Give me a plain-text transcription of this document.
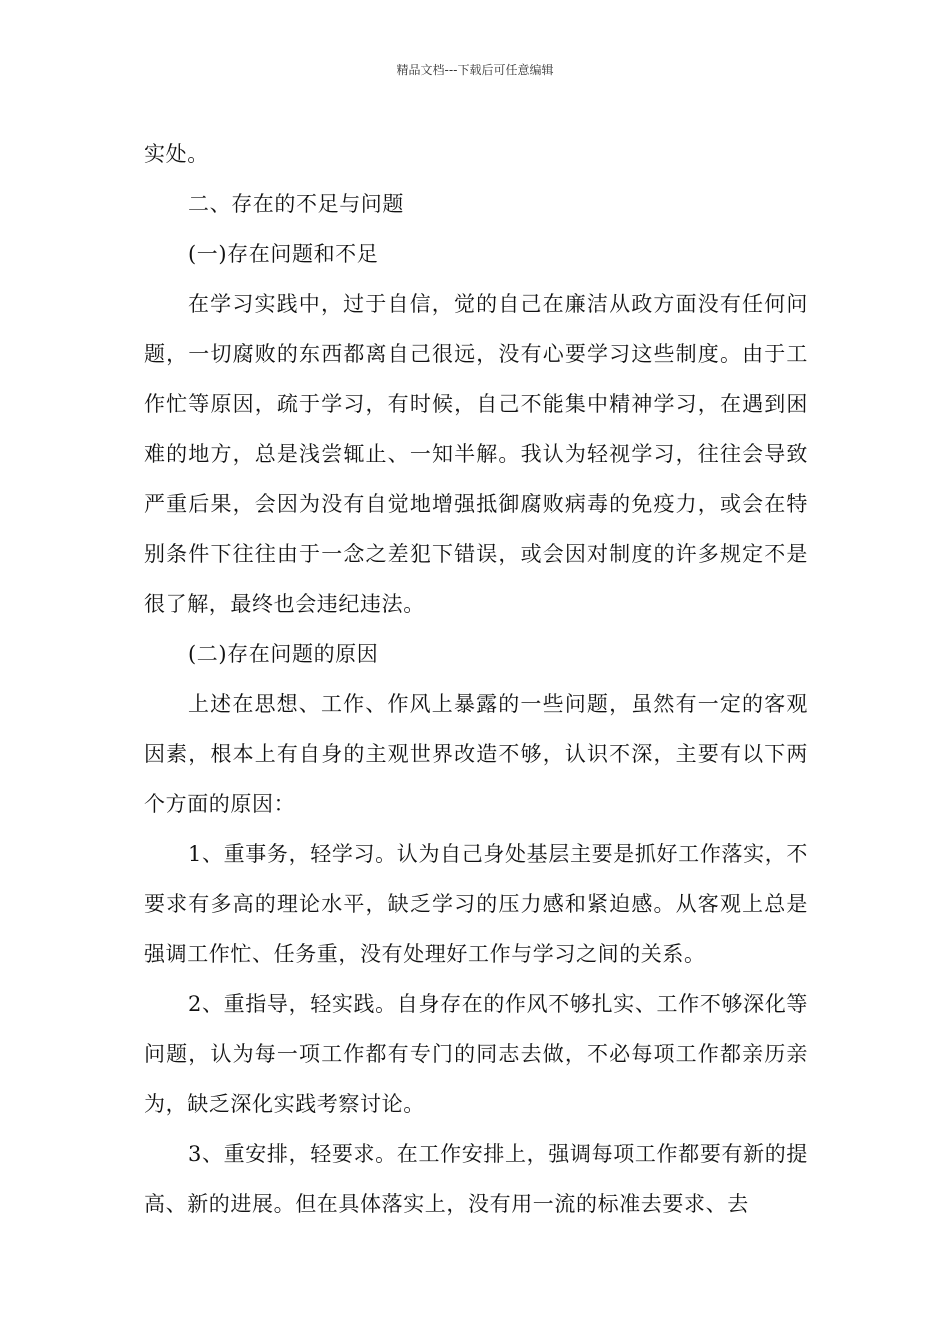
精品文档---下载后可任意编辑

实处。

二、存在的不足与问题

(一)存在问题和不足

在学习实践中，过于自信，觉的自己在廉洁从政方面没有任何问题，一切腐败的东西都离自己很远，没有心要学习这些制度。由于工作忙等原因，疏于学习，有时候，自己不能集中精神学习，在遇到困难的地方，总是浅尝辄止、一知半解。我认为轻视学习，往往会导致严重后果，会因为没有自觉地增强抵御腐败病毒的免疫力，或会在特别条件下往往由于一念之差犯下错误，或会因对制度的许多规定不是很了解，最终也会违纪违法。

(二)存在问题的原因

上述在思想、工作、作风上暴露的一些问题，虽然有一定的客观因素，根本上有自身的主观世界改造不够，认识不深，主要有以下两个方面的原因：

1、重事务，轻学习。认为自己身处基层主要是抓好工作落实，不要求有多高的理论水平，缺乏学习的压力感和紧迫感。从客观上总是强调工作忙、任务重，没有处理好工作与学习之间的关系。

2、重指导，轻实践。自身存在的作风不够扎实、工作不够深化等问题，认为每一项工作都有专门的同志去做，不必每项工作都亲历亲为，缺乏深化实践考察讨论。

3、重安排，轻要求。在工作安排上，强调每项工作都要有新的提高、新的进展。但在具体落实上，没有用一流的标准去要求、去
